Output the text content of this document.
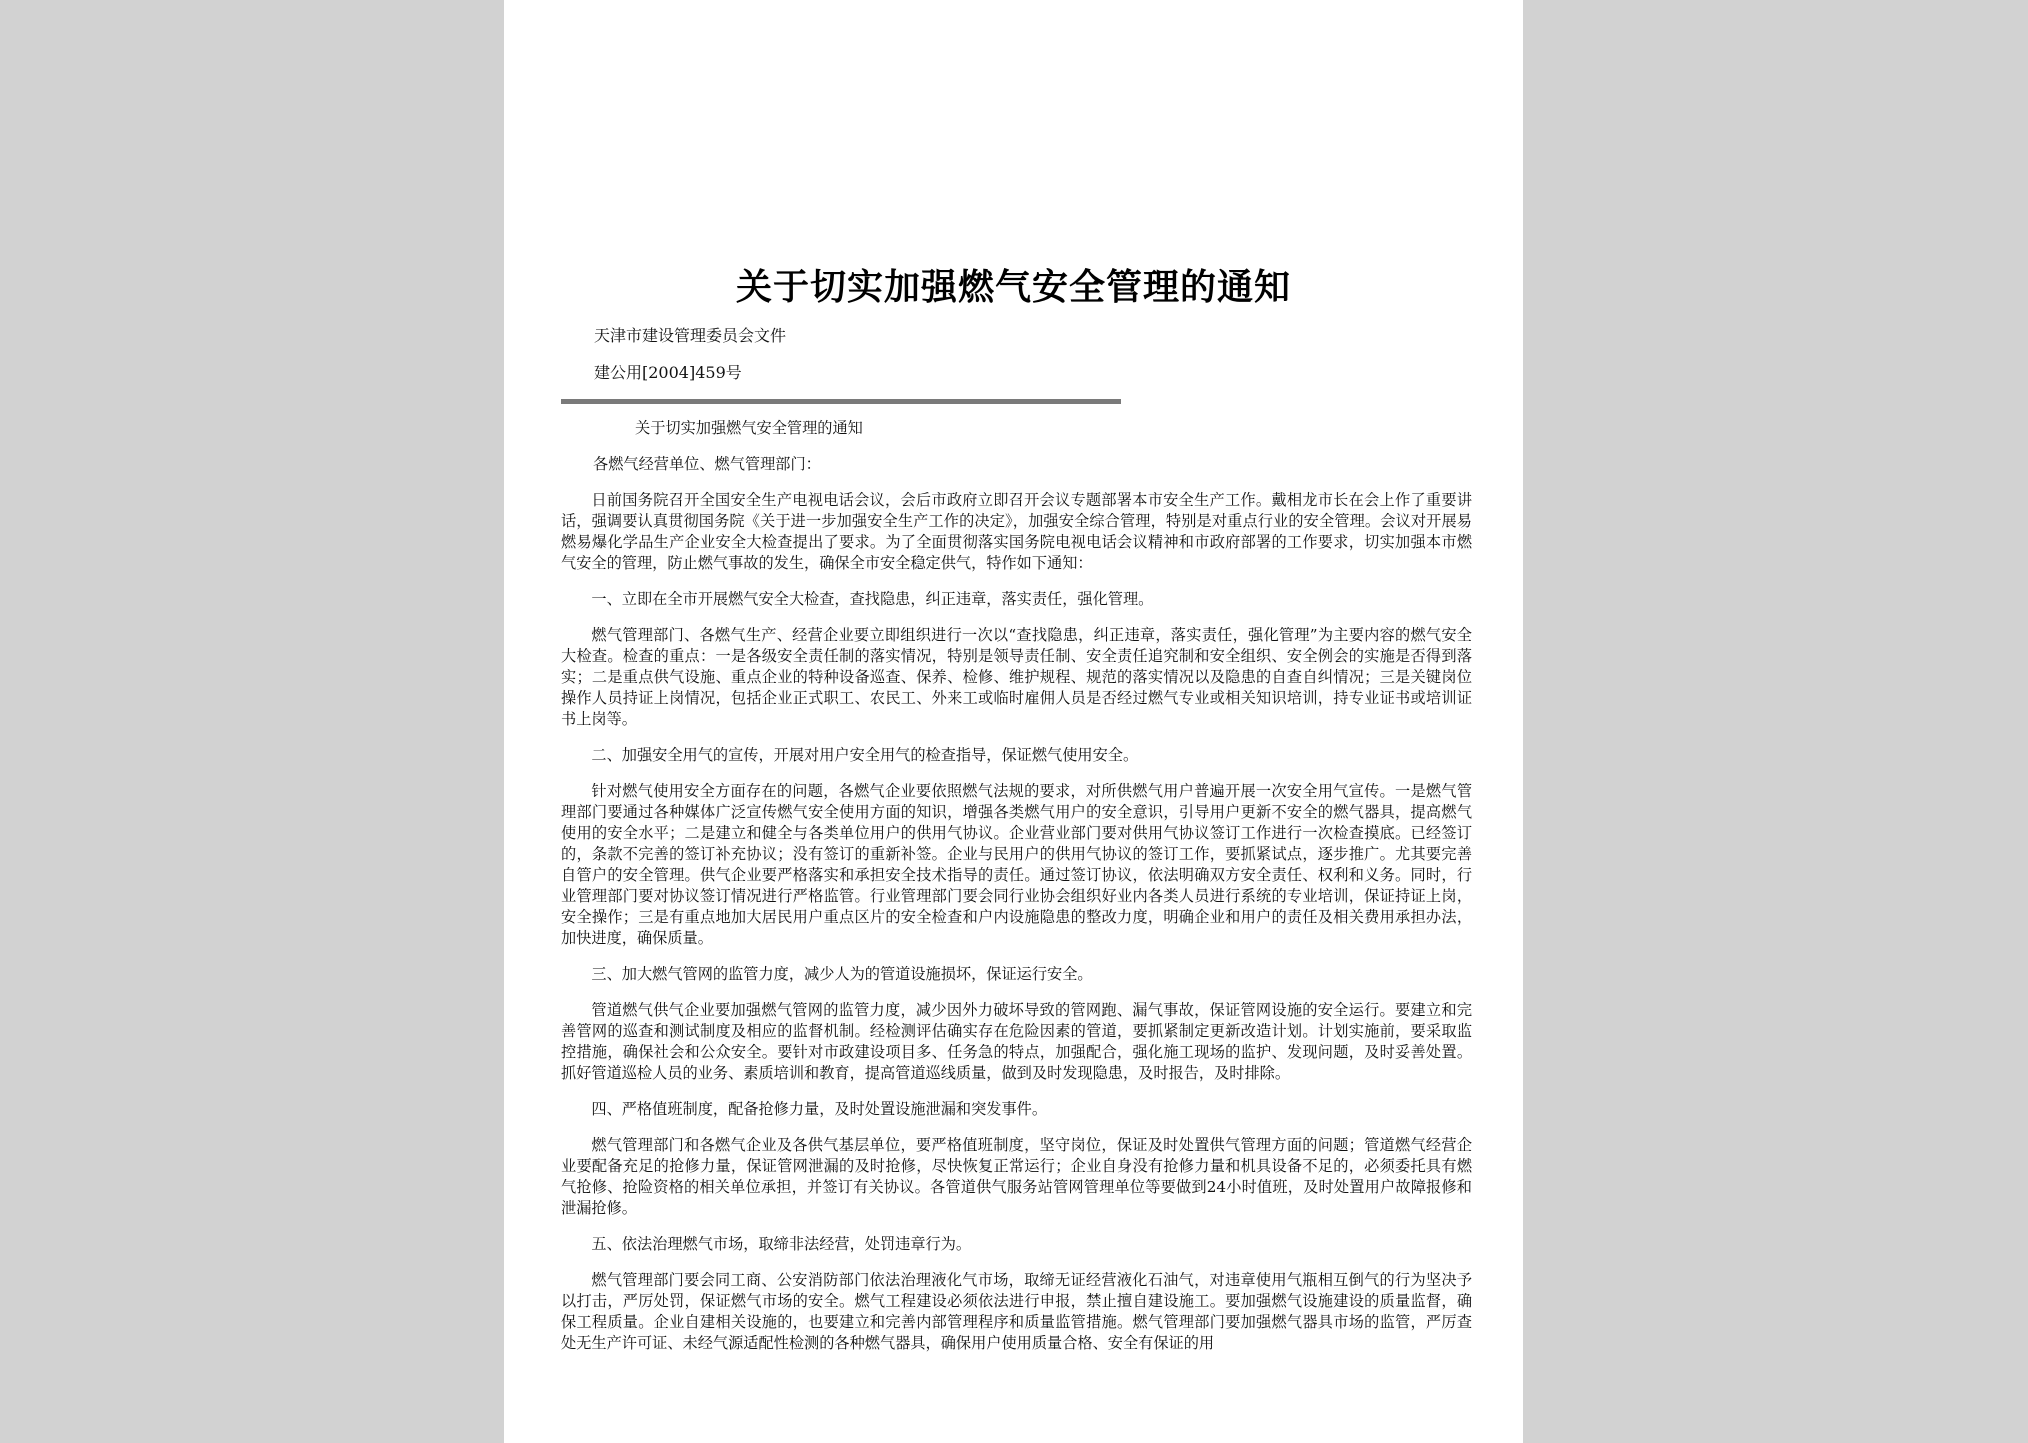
关于切实加强燃气安全管理的通知
天津市建设管理委员会文件
建公用[2004]459号

关于切实加强燃气安全管理的通知

各燃气经营单位、燃气管理部门：

日前国务院召开全国安全生产电视电话会议，会后市政府立即召开会议专题部署本市安全生产工作。戴相龙市长在会上作了重要讲话，强调要认真贯彻国务院《关于进一步加强安全生产工作的决定》，加强安全综合管理，特别是对重点行业的安全管理。会议对开展易燃易爆化学品生产企业安全大检查提出了要求。为了全面贯彻落实国务院电视电话会议精神和市政府部署的工作要求，切实加强本市燃气安全的管理，防止燃气事故的发生，确保全市安全稳定供气，特作如下通知：

一、立即在全市开展燃气安全大检查，查找隐患，纠正违章，落实责任，强化管理。

燃气管理部门、各燃气生产、经营企业要立即组织进行一次以“查找隐患，纠正违章，落实责任，强化管理”为主要内容的燃气安全大检查。检查的重点：一是各级安全责任制的落实情况，特别是领导责任制、安全责任追究制和安全组织、安全例会的实施是否得到落实；二是重点供气设施、重点企业的特种设备巡查、保养、检修、维护规程、规范的落实情况以及隐患的自查自纠情况；三是关键岗位操作人员持证上岗情况，包括企业正式职工、农民工、外来工或临时雇佣人员是否经过燃气专业或相关知识培训，持专业证书或培训证书上岗等。

二、加强安全用气的宣传，开展对用户安全用气的检查指导，保证燃气使用安全。

针对燃气使用安全方面存在的问题，各燃气企业要依照燃气法规的要求，对所供燃气用户普遍开展一次安全用气宣传。一是燃气管理部门要通过各种媒体广泛宣传燃气安全使用方面的知识，增强各类燃气用户的安全意识，引导用户更新不安全的燃气器具，提高燃气使用的安全水平；二是建立和健全与各类单位用户的供用气协议。企业营业部门要对供用气协议签订工作进行一次检查摸底。已经签订的，条款不完善的签订补充协议；没有签订的重新补签。企业与民用户的供用气协议的签订工作，要抓紧试点，逐步推广。尤其要完善自管户的安全管理。供气企业要严格落实和承担安全技术指导的责任。通过签订协议，依法明确双方安全责任、权利和义务。同时，行业管理部门要对协议签订情况进行严格监管。行业管理部门要会同行业协会组织好业内各类人员进行系统的专业培训，保证持证上岗，安全操作；三是有重点地加大居民用户重点区片的安全检查和户内设施隐患的整改力度，明确企业和用户的责任及相关费用承担办法，加快进度，确保质量。

三、加大燃气管网的监管力度，减少人为的管道设施损坏，保证运行安全。

管道燃气供气企业要加强燃气管网的监管力度，减少因外力破坏导致的管网跑、漏气事故，保证管网设施的安全运行。要建立和完善管网的巡查和测试制度及相应的监督机制。经检测评估确实存在危险因素的管道，要抓紧制定更新改造计划。计划实施前，要采取监控措施，确保社会和公众安全。要针对市政建设项目多、任务急的特点，加强配合，强化施工现场的监护、发现问题，及时妥善处置。抓好管道巡检人员的业务、素质培训和教育，提高管道巡线质量，做到及时发现隐患，及时报告，及时排除。

四、严格值班制度，配备抢修力量，及时处置设施泄漏和突发事件。

燃气管理部门和各燃气企业及各供气基层单位，要严格值班制度，坚守岗位，保证及时处置供气管理方面的问题；管道燃气经营企业要配备充足的抢修力量，保证管网泄漏的及时抢修，尽快恢复正常运行；企业自身没有抢修力量和机具设备不足的，必须委托具有燃气抢修、抢险资格的相关单位承担，并签订有关协议。各管道供气服务站管网管理单位等要做到24小时值班，及时处置用户故障报修和泄漏抢修。

五、依法治理燃气市场，取缔非法经营，处罚违章行为。

燃气管理部门要会同工商、公安消防部门依法治理液化气市场，取缔无证经营液化石油气，对违章使用气瓶相互倒气的行为坚决予以打击，严厉处罚，保证燃气市场的安全。燃气工程建设必须依法进行申报，禁止擅自建设施工。要加强燃气设施建设的质量监督，确保工程质量。企业自建相关设施的，也要建立和完善内部管理程序和质量监管措施。燃气管理部门要加强燃气器具市场的监管，严厉查处无生产许可证、未经气源适配性检测的各种燃气器具，确保用户使用质量合格、安全有保证的用
